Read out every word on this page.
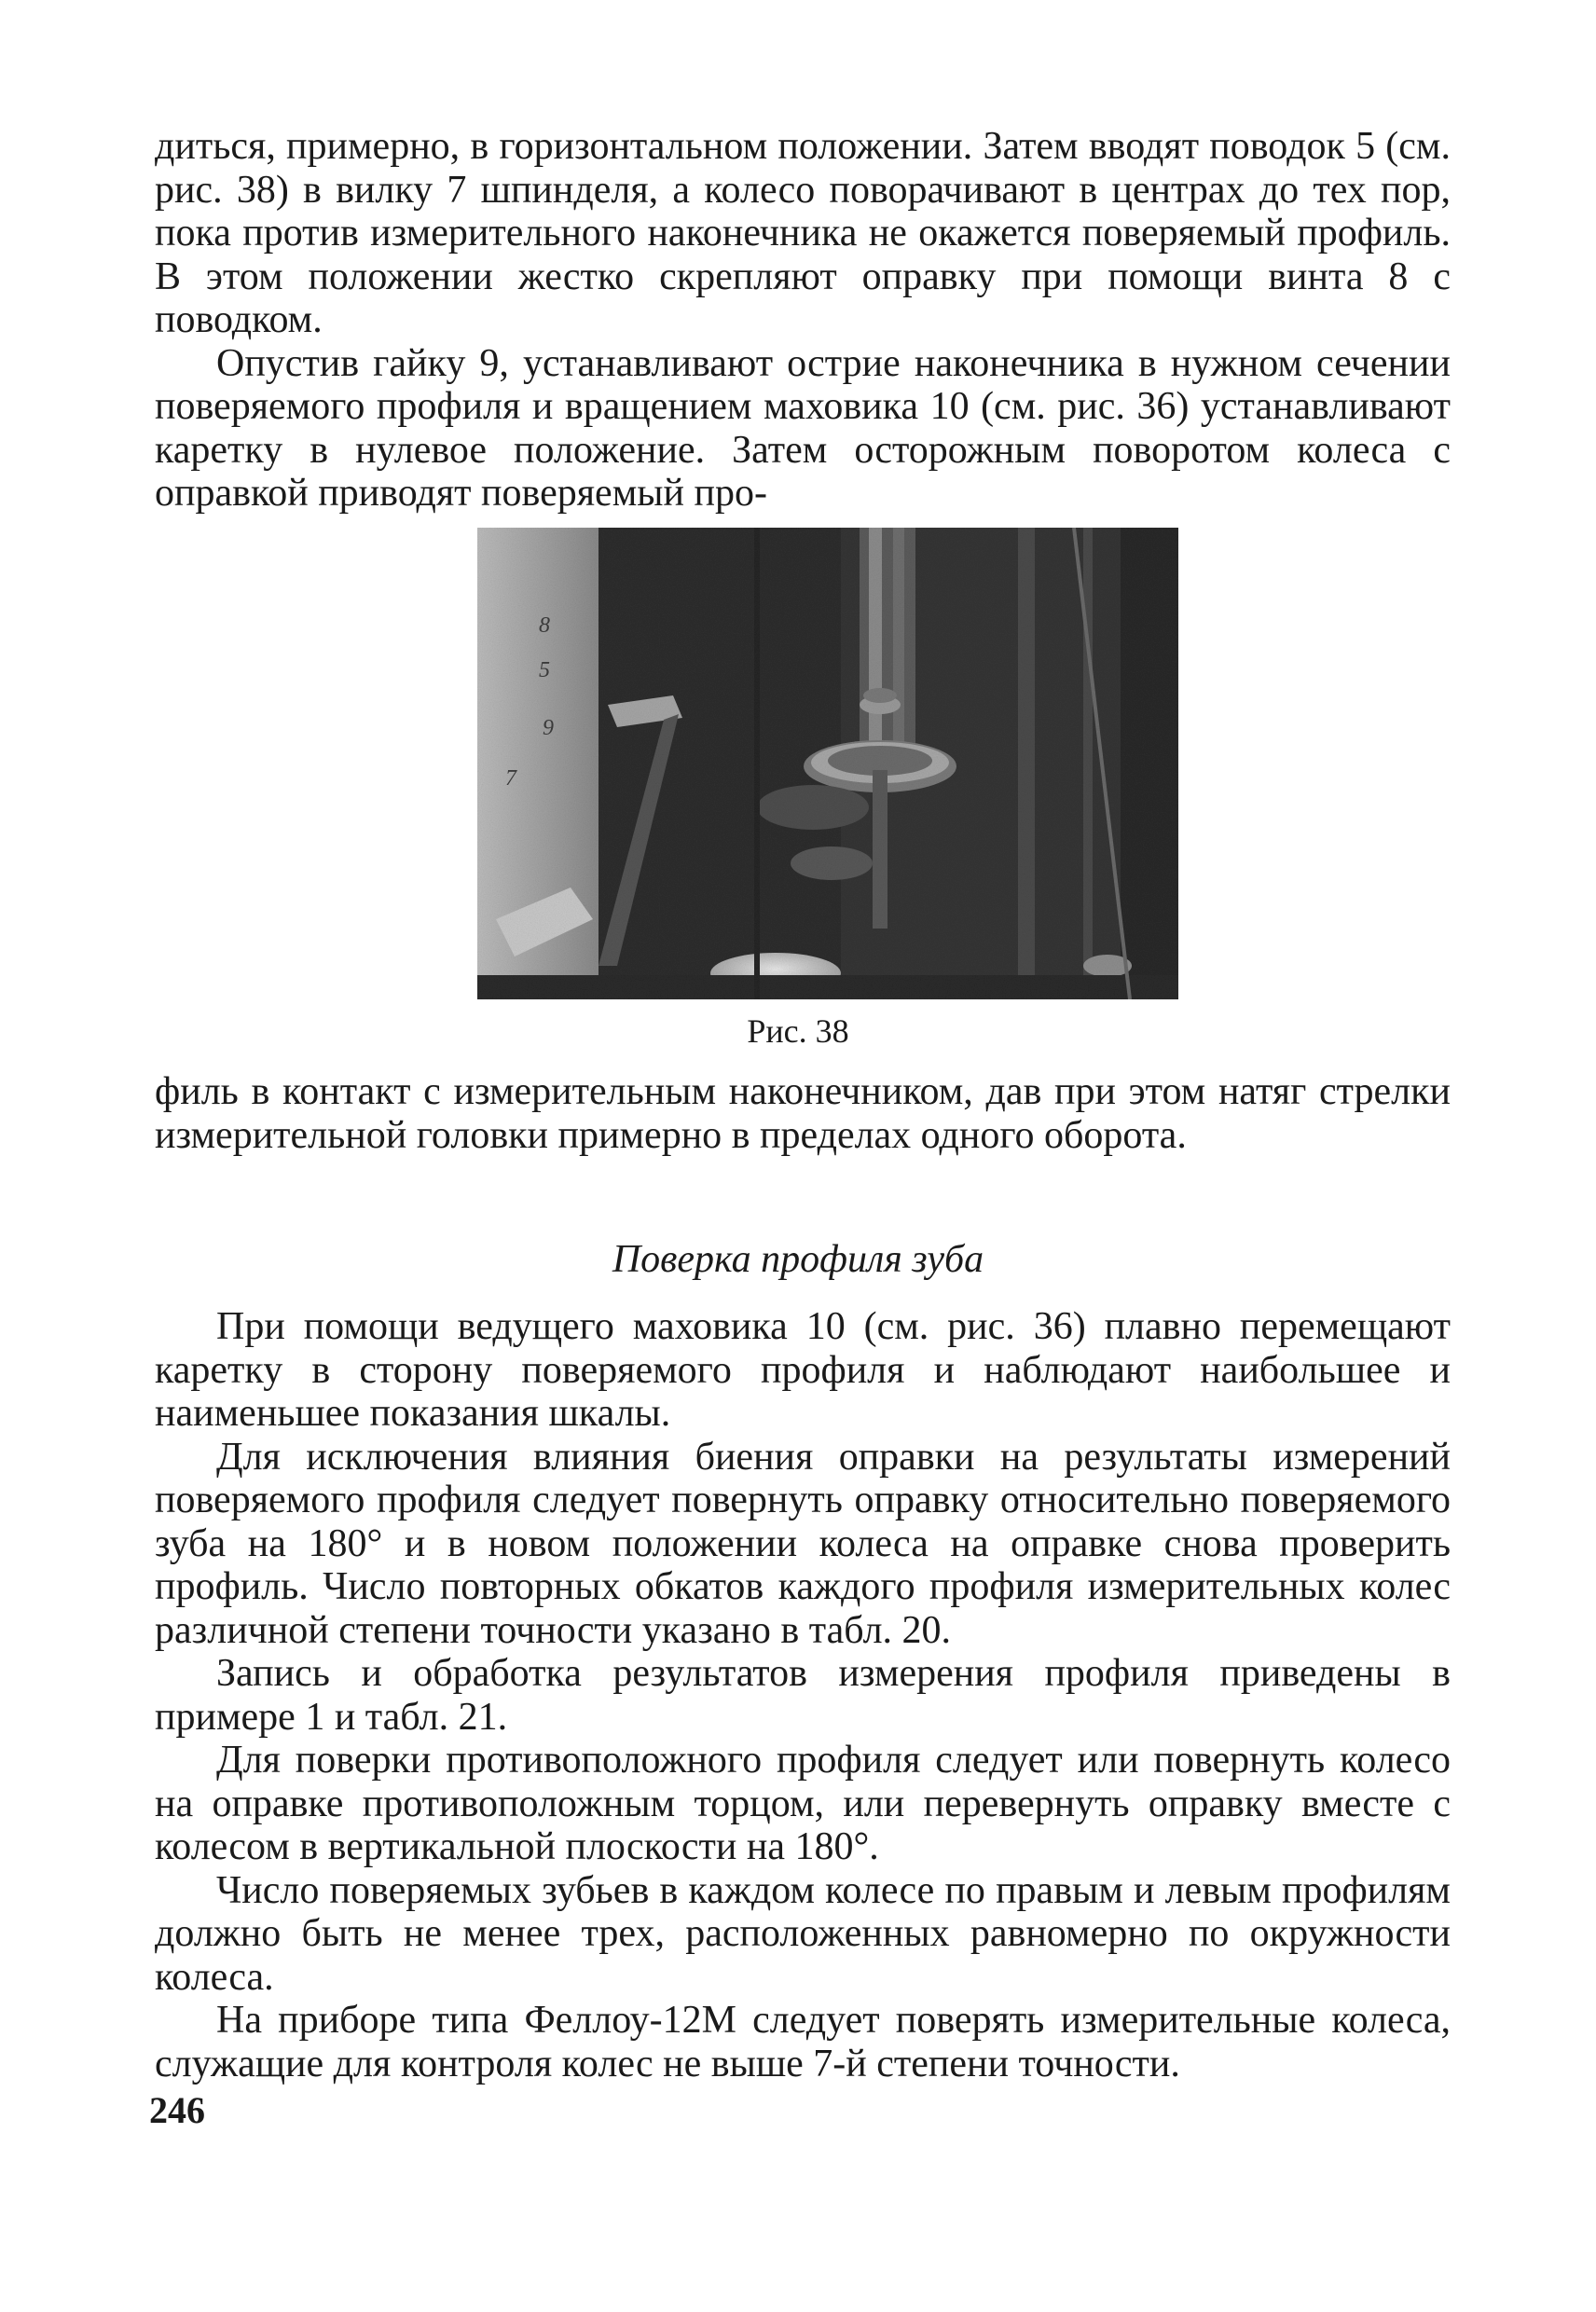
диться, примерно, в горизонтальном положении. Затем вводят поводок 5 (см. рис. 38) в вилку 7 шпинделя, а колесо поворачивают в центрах до тех пор, пока против измерительного наконечника не окажется поверяемый профиль. В этом положении жестко скрепляют оправку при помощи винта 8 с поводком.

Опустив гайку 9, устанавливают острие наконечника в нужном сечении поверяемого профиля и вращением маховика 10 (см. рис. 36) устанавливают каретку в нулевое положение. Затем осторожным поворотом колеса с оправкой приводят поверяемый про-

8
5
9
7
Рис. 38

филь в контакт с измерительным наконечником, дав при этом натяг стрелки измерительной головки примерно в пределах одного оборота.

Поверка профиля зуба

При помощи ведущего маховика 10 (см. рис. 36) плавно перемещают каретку в сторону поверяемого профиля и наблюдают наибольшее и наименьшее показания шкалы.

Для исключения влияния биения оправки на результаты измерений поверяемого профиля следует повернуть оправку относительно поверяемого зуба на 180° и в новом положении колеса на оправке снова проверить профиль. Число повторных обкатов каждого профиля измерительных колес различной степени точности указано в табл. 20.

Запись и обработка результатов измерения профиля приведены в примере 1 и табл. 21.

Для поверки противоположного профиля следует или повернуть колесо на оправке противоположным торцом, или перевернуть оправку вместе с колесом в вертикальной плоскости на 180°.

Число поверяемых зубьев в каждом колесе по правым и левым профилям должно быть не менее трех, расположенных равномерно по окружности колеса.

На приборе типа Феллоу-12М следует поверять измерительные колеса, служащие для контроля колес не выше 7-й степени точности.

246
